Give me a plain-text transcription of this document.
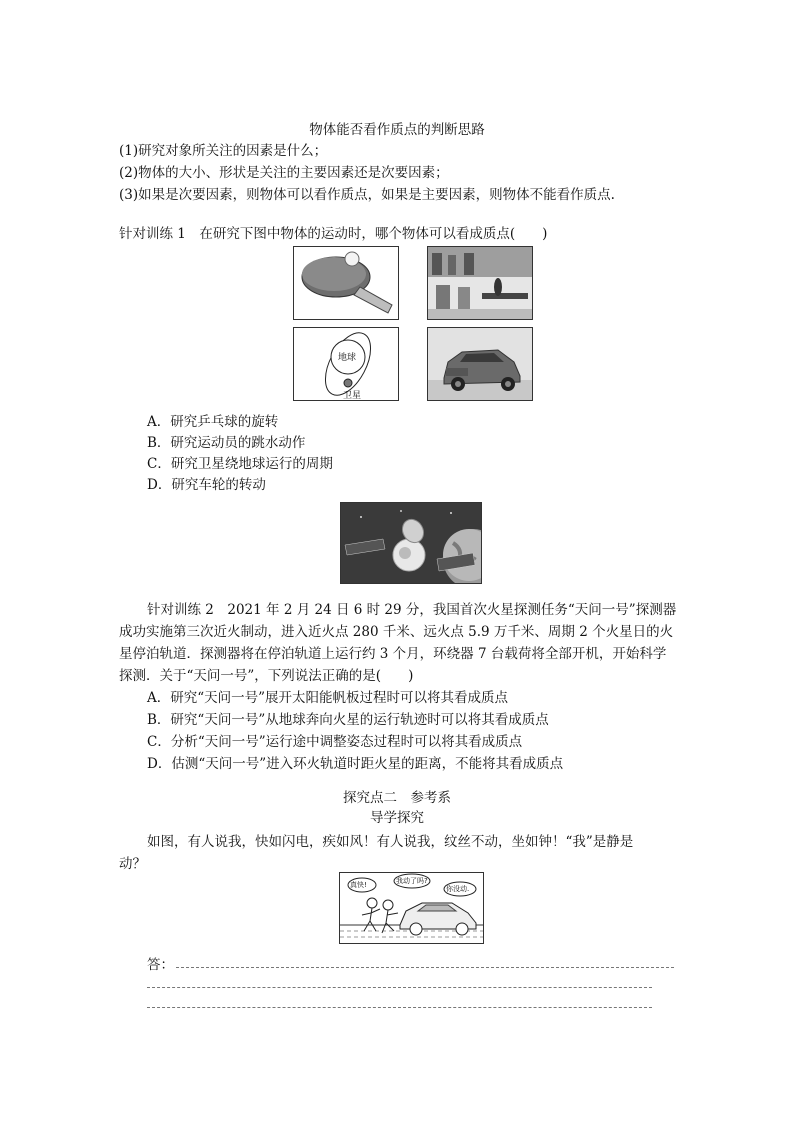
物体能否看作质点的判断思路
(1)研究对象所关注的因素是什么；
(2)物体的大小、形状是关注的主要因素还是次要因素；
(3)如果是次要因素，则物体可以看作质点，如果是主要因素，则物体不能看作质点.
针对训练 1　在研究下图中物体的运动时，哪个物体可以看成质点(　　)
地球
卫星
A．研究乒乓球的旋转
B．研究运动员的跳水动作
C．研究卫星绕地球运行的周期
D．研究车轮的转动
针对训练 2　2021 年 2 月 24 日 6 时 29 分，我国首次火星探测任务“天问一号”探测器
成功实施第三次近火制动，进入近火点 280 千米、远火点 5.9 万千米、周期 2 个火星日的火
星停泊轨道．探测器将在停泊轨道上运行约 3 个月，环绕器 7 台载荷将全部开机，开始科学
探测．关于“天问一号”，下列说法正确的是(　　)
A．研究“天问一号”展开太阳能帆板过程时可以将其看成质点
B．研究“天问一号”从地球奔向火星的运行轨迹时可以将其看成质点
C．分析“天问一号”运行途中调整姿态过程时可以将其看成质点
D．估测“天问一号”进入环火轨道时距火星的距离，不能将其看成质点
探究点二　参考系
导学探究
如图，有人说我，快如闪电，疾如风！有人说我，纹丝不动，坐如钟！“我”是静是
动？
真快!	我动了吗?
你没动.
答：
